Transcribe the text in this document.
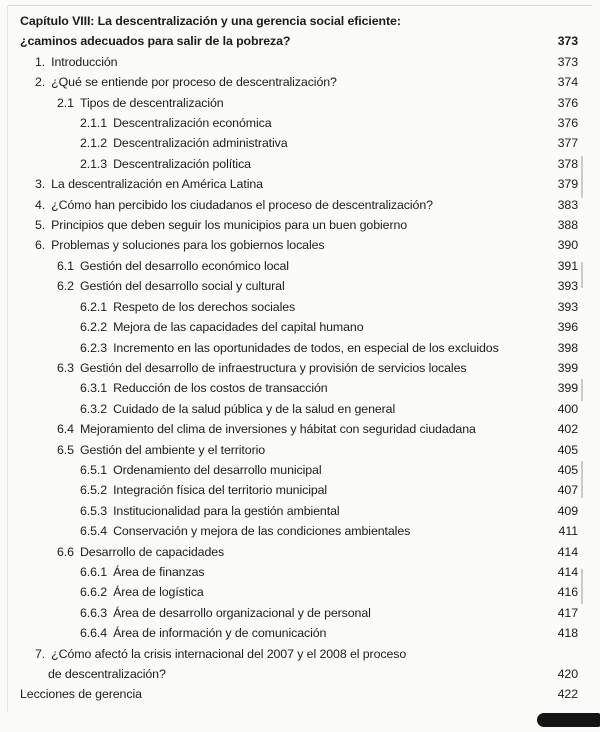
Capítulo VIII: La descentralización y una gerencia social eficiente:
¿caminos adecuados para salir de la pobreza?	373
1. Introducción	373
2. ¿Qué se entiende por proceso de descentralización?	374
2.1 Tipos de descentralización	376
2.1.1 Descentralización económica	376
2.1.2 Descentralización administrativa	377
2.1.3 Descentralización política	378
3. La descentralización en América Latina	379
4. ¿Cómo han percibido los ciudadanos el proceso de descentralización?	383
5. Principios que deben seguir los municipios para un buen gobierno	388
6. Problemas y soluciones para los gobiernos locales	390
6.1 Gestión del desarrollo económico local	391
6.2 Gestión del desarrollo social y cultural	393
6.2.1 Respeto de los derechos sociales	393
6.2.2 Mejora de las capacidades del capital humano	396
6.2.3 Incremento en las oportunidades de todos, en especial de los excluidos	398
6.3 Gestión del desarrollo de infraestructura y provisión de servicios locales	399
6.3.1 Reducción de los costos de transacción	399
6.3.2 Cuidado de la salud pública y de la salud en general	400
6.4 Mejoramiento del clima de inversiones y hábitat con seguridad ciudadana	402
6.5 Gestión del ambiente y el territorio	405
6.5.1 Ordenamiento del desarrollo municipal	405
6.5.2 Integración física del territorio municipal	407
6.5.3 Institucionalidad para la gestión ambiental	409
6.5.4 Conservación y mejora de las condiciones ambientales	411
6.6 Desarrollo de capacidades	414
6.6.1 Área de finanzas	414
6.6.2 Área de logística	416
6.6.3 Área de desarrollo organizacional y de personal	417
6.6.4 Área de información y de comunicación	418
7. ¿Cómo afectó la crisis internacional del 2007 y el 2008 el proceso
de descentralización?	420
Lecciones de gerencia	422
